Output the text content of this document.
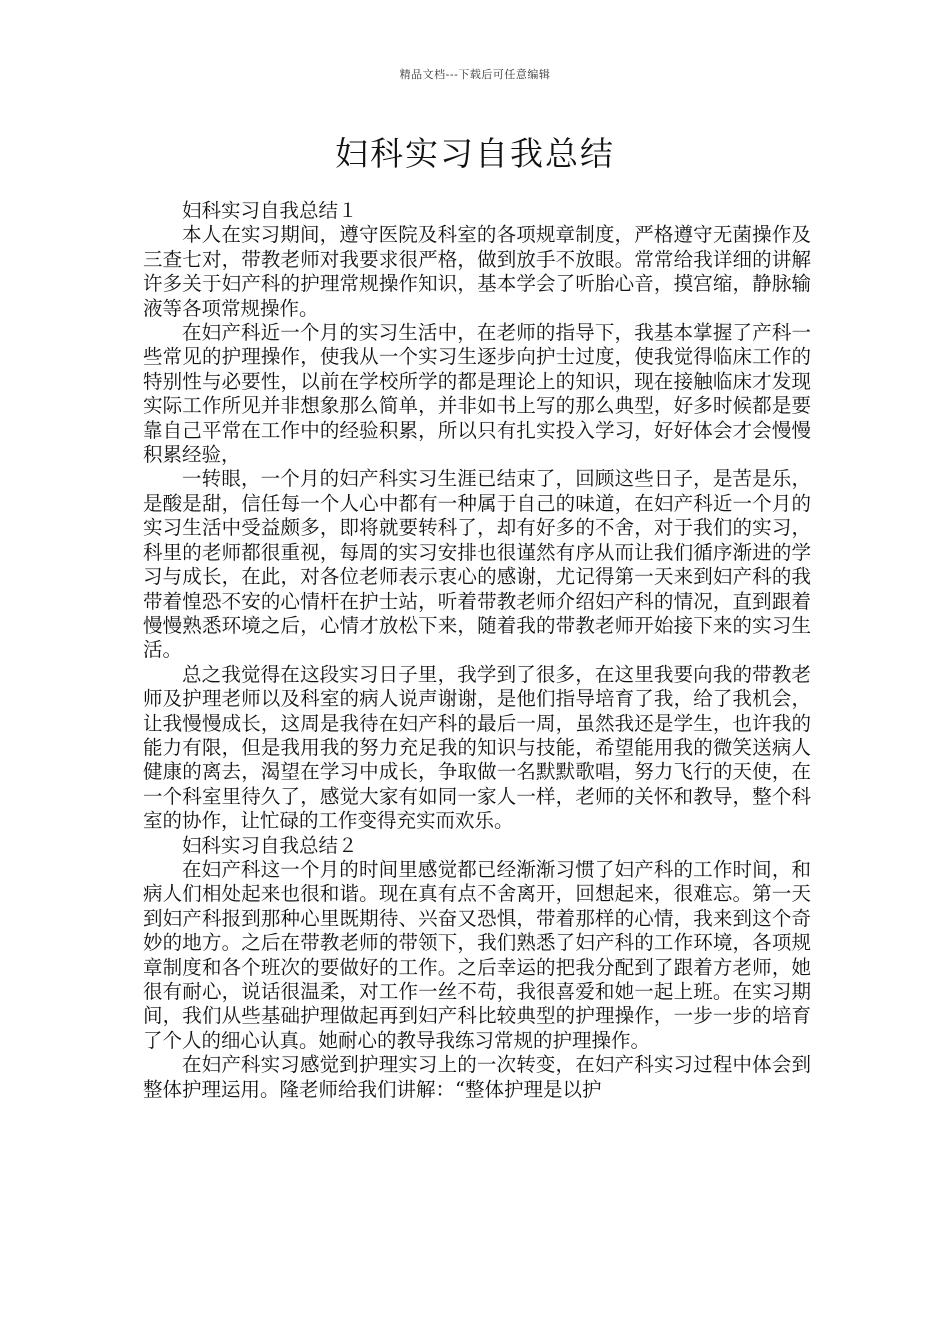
精品文档---下载后可任意编辑
妇科实习自我总结

妇科实习自我总结１

本人在实习期间，遵守医院及科室的各项规章制度，严格遵守无菌操作及三查七对，带教老师对我要求很严格，做到放手不放眼。常常给我详细的讲解许多关于妇产科的护理常规操作知识，基本学会了听胎心音，摸宫缩，静脉输液等各项常规操作。

在妇产科近一个月的实习生活中，在老师的指导下，我基本掌握了产科一些常见的护理操作，使我从一个实习生逐步向护士过度，使我觉得临床工作的特别性与必要性，以前在学校所学的都是理论上的知识，现在接触临床才发现实际工作所见并非想象那么简单，并非如书上写的那么典型，好多时候都是要靠自己平常在工作中的经验积累，所以只有扎实投入学习，好好体会才会慢慢积累经验，

一转眼，一个月的妇产科实习生涯已结束了，回顾这些日子，是苦是乐，是酸是甜，信任每一个人心中都有一种属于自己的味道，在妇产科近一个月的实习生活中受益颇多，即将就要转科了，却有好多的不舍，对于我们的实习，科里的老师都很重视，每周的实习安排也很谨然有序从而让我们循序渐进的学习与成长，在此，对各位老师表示衷心的感谢，尤记得第一天来到妇产科的我带着惶恐不安的心情杆在护士站，听着带教老师介绍妇产科的情况，直到跟着慢慢熟悉环境之后，心情才放松下来，随着我的带教老师开始接下来的实习生活。

总之我觉得在这段实习日子里，我学到了很多，在这里我要向我的带教老师及护理老师以及科室的病人说声谢谢，是他们指导培育了我，给了我机会，让我慢慢成长，这周是我待在妇产科的最后一周，虽然我还是学生，也许我的能力有限，但是我用我的努力充足我的知识与技能，希望能用我的微笑送病人健康的离去，渴望在学习中成长，争取做一名默默歌唱，努力飞行的天使，在一个科室里待久了，感觉大家有如同一家人一样，老师的关怀和教导，整个科室的协作，让忙碌的工作变得充实而欢乐。

妇科实习自我总结２

在妇产科这一个月的时间里感觉都已经渐渐习惯了妇产科的工作时间，和病人们相处起来也很和谐。现在真有点不舍离开，回想起来，很难忘。第一天到妇产科报到那种心里既期待、兴奋又恐惧，带着那样的心情，我来到这个奇妙的地方。之后在带教老师的带领下，我们熟悉了妇产科的工作环境，各项规章制度和各个班次的要做好的工作。之后幸运的把我分配到了跟着方老师，她很有耐心，说话很温柔，对工作一丝不苟，我很喜爱和她一起上班。在实习期间，我们从些基础护理做起再到妇产科比较典型的护理操作，一步一步的培育了个人的细心认真。她耐心的教导我练习常规的护理操作。

在妇产科实习感觉到护理实习上的一次转变，在妇产科实习过程中体会到整体护理运用。隆老师给我们讲解：“整体护理是以护
